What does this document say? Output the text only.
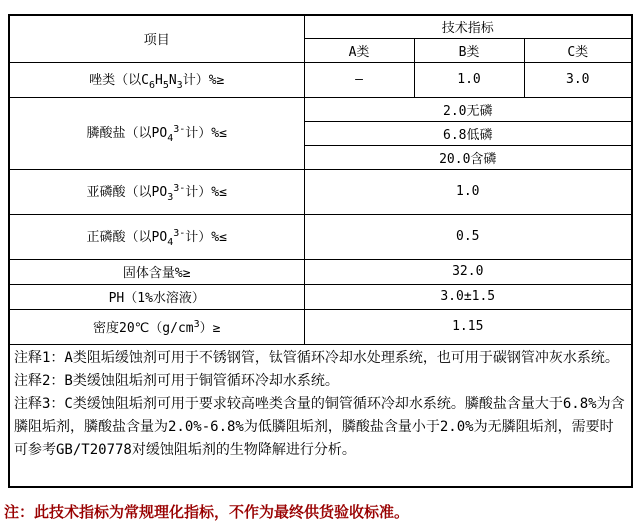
项目	技术指标		
	A类	B类	C类
唑类（以$C_6H_5N_3$计）%≥	—	1.0	3.0
膦酸盐（以$PO_4^{3-}$计）%≤	2.0无磷		
	6.8低磷		
	20.0含磷		
亚磷酸（以$PO_3^{3-}$计）%≤	1.0		
正磷酸（以$PO_4^{3-}$计）%≤	0.5		
固体含量%≥	32.0		
PH（1%水溶液）	3.0±1.5		
密度$20℃(g/cm^3)\ge$	1.15		

注释1：A类阻垢缓蚀剂可用于不锈钢管，钛管循环冷却水处理系统，也可用于碳钢管冲灰水系统。
注释2：B类缓蚀阻垢剂可用于铜管循环冷却水系统。
注释3：C类缓蚀阻垢剂可用于要求较高唑类含量的铜管循环冷却水系统。膦酸盐含量大于6.8%为含膦阻垢剂，膦酸盐含量为2.0%-6.8%为低膦阻垢剂，膦酸盐含量小于2.0%为无膦阻垢剂，需要时可参考GB/T20778对缓蚀阻垢剂的生物降解进行分析。			

注：此技术指标为常规理化指标，不作为最终供货验收标准。
